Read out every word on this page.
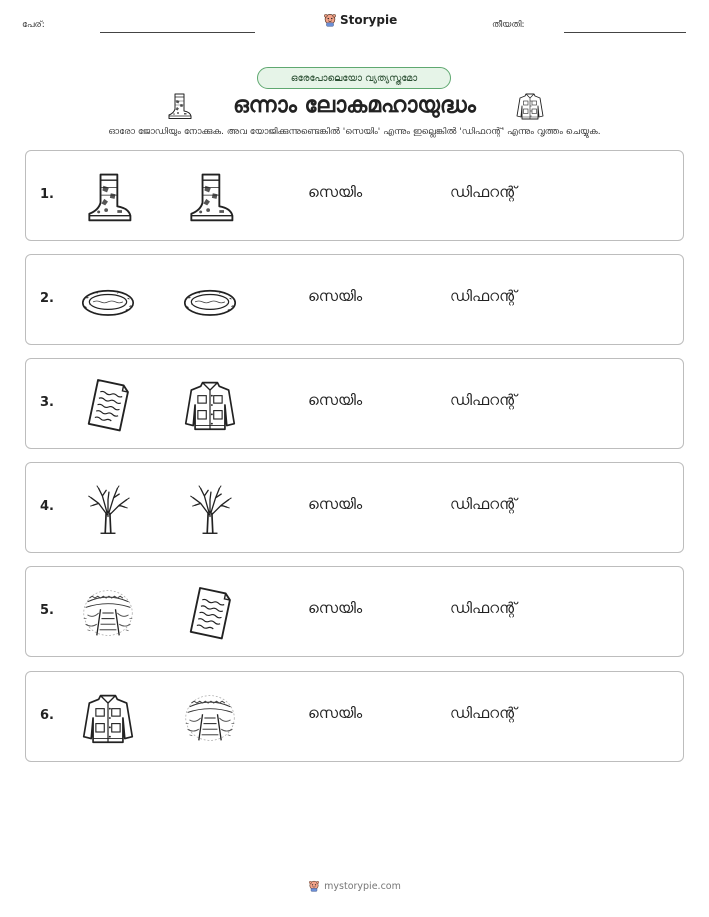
പേര്:	Storypie	തീയതി:
ഒരേപോലെയോ വ്യത്യസ്തമോ
ഒന്നാം ലോകമഹായുദ്ധം
ഓരോ ജോഡിയും നോക്കുക. അവ യോജിക്കുന്നുണ്ടെങ്കിൽ 'സെയിം' എന്നും ഇല്ലെങ്കിൽ 'ഡിഫറന്റ്' എന്നും വൃത്തം ചെയ്യുക.
1.	സെയിം	ഡിഫറന്റ്
2.	സെയിം	ഡിഫറന്റ്
3.	സെയിം	ഡിഫറന്റ്
4.	സെയിം	ഡിഫറന്റ്
5.	സെയിം	ഡിഫറന്റ്
6.	സെയിം	ഡിഫറന്റ്
mystorypie.com
